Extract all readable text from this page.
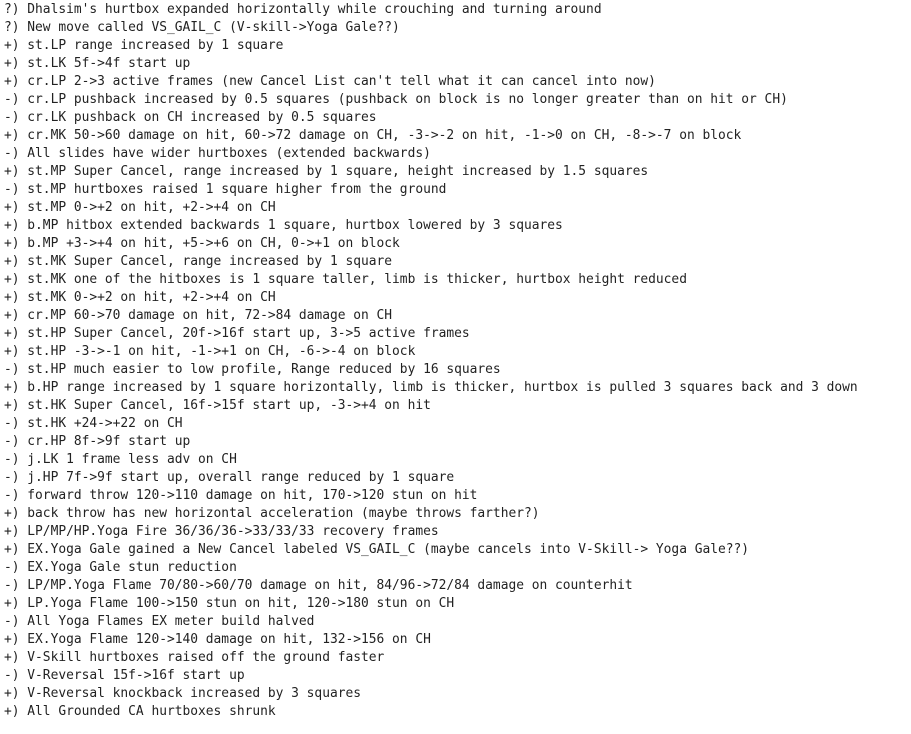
?) Dhalsim's hurtbox expanded horizontally while crouching and turning around
?) New move called VS_GAIL_C (V-skill->Yoga Gale??)
+) st.LP range increased by 1 square
+) st.LK 5f->4f start up
+) cr.LP 2->3 active frames (new Cancel List can't tell what it can cancel into now)
-) cr.LP pushback increased by 0.5 squares (pushback on block is no longer greater than on hit or CH)
-) cr.LK pushback on CH increased by 0.5 squares
+) cr.MK 50->60 damage on hit, 60->72 damage on CH, -3->-2 on hit, -1->0 on CH, -8->-7 on block
-) All slides have wider hurtboxes (extended backwards)
+) st.MP Super Cancel, range increased by 1 square, height increased by 1.5 squares
-) st.MP hurtboxes raised 1 square higher from the ground
+) st.MP 0->+2 on hit, +2->+4 on CH
+) b.MP hitbox extended backwards 1 square, hurtbox lowered by 3 squares
+) b.MP +3->+4 on hit, +5->+6 on CH, 0->+1 on block
+) st.MK Super Cancel, range increased by 1 square
+) st.MK one of the hitboxes is 1 square taller, limb is thicker, hurtbox height reduced
+) st.MK 0->+2 on hit, +2->+4 on CH
+) cr.MP 60->70 damage on hit, 72->84 damage on CH
+) st.HP Super Cancel, 20f->16f start up, 3->5 active frames
+) st.HP -3->-1 on hit, -1->+1 on CH, -6->-4 on block
-) st.HP much easier to low profile, Range reduced by 16 squares
+) b.HP range increased by 1 square horizontally, limb is thicker, hurtbox is pulled 3 squares back and 3 down
+) st.HK Super Cancel, 16f->15f start up, -3->+4 on hit
-) st.HK +24->+22 on CH
-) cr.HP 8f->9f start up
-) j.LK 1 frame less adv on CH
-) j.HP 7f->9f start up, overall range reduced by 1 square
-) forward throw 120->110 damage on hit, 170->120 stun on hit
+) back throw has new horizontal acceleration (maybe throws farther?)
+) LP/MP/HP.Yoga Fire 36/36/36->33/33/33 recovery frames
+) EX.Yoga Gale gained a New Cancel labeled VS_GAIL_C (maybe cancels into V-Skill-> Yoga Gale??)
-) EX.Yoga Gale stun reduction
-) LP/MP.Yoga Flame 70/80->60/70 damage on hit, 84/96->72/84 damage on counterhit
+) LP.Yoga Flame 100->150 stun on hit, 120->180 stun on CH
-) All Yoga Flames EX meter build halved
+) EX.Yoga Flame 120->140 damage on hit, 132->156 on CH
+) V-Skill hurtboxes raised off the ground faster
-) V-Reversal 15f->16f start up
+) V-Reversal knockback increased by 3 squares
+) All Grounded CA hurtboxes shrunk
